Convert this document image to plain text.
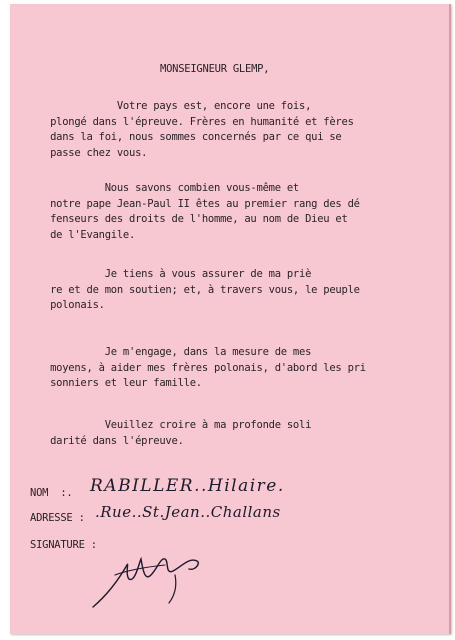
MONSEIGNEUR GLEMP,
Votre pays est, encore une fois,
plongé dans l'épreuve. Frères en humanité et fères
dans la foi, nous sommes concernés par ce qui se
passe chez vous.
Nous savons combien vous-même et
notre pape Jean-Paul II êtes au premier rang des dé
fenseurs des droits de l'homme, au nom de Dieu et
de l'Evangile.
Je tiens à vous assurer de ma priè
re et de mon soutien; et, à travers vous, le peuple
polonais.
Je m'engage, dans la mesure de mes
moyens, à aider mes frères polonais, d'abord les pri
sonniers et leur famille.
Veuillez croire à ma profonde soli
darité dans l'épreuve.
NOM  :. RABILLER..Hilaire.
ADRESSE : .Rue..St.Jean..Challans
SIGNATURE :
